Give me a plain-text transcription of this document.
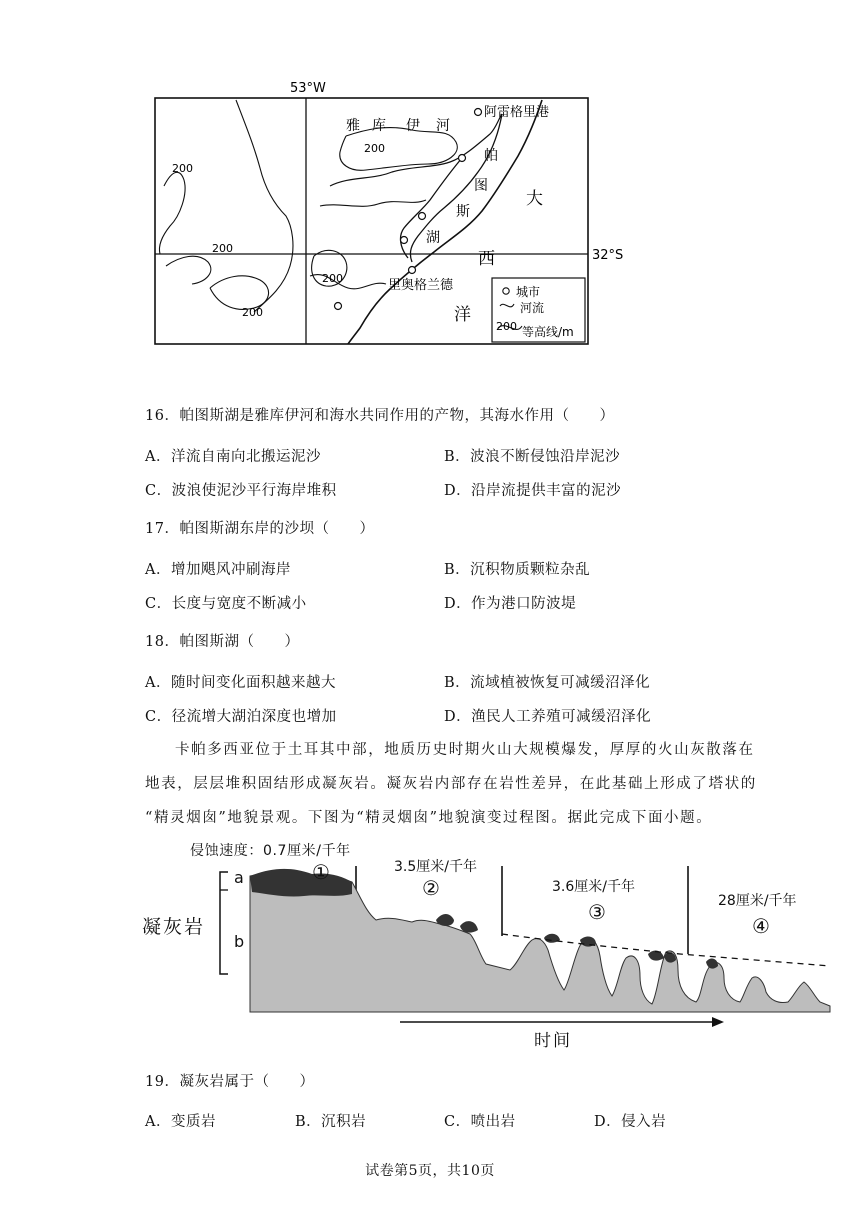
53°W
32°S
200
200
200
200
200
雅 库 伊 河
阿雷格里港
帕
图
斯
湖
里奥格兰德
大
西
洋
城市
河流
200 等高线/m
16．帕图斯湖是雅库伊河和海水共同作用的产物，其海水作用（　　）
A．洋流自南向北搬运泥沙	B．波浪不断侵蚀沿岸泥沙
C．波浪使泥沙平行海岸堆积	D．沿岸流提供丰富的泥沙
17．帕图斯湖东岸的沙坝（　　）
A．增加飓风冲刷海岸	B．沉积物质颗粒杂乱
C．长度与宽度不断减小	D．作为港口防波堤
18．帕图斯湖（　　）
A．随时间变化面积越来越大	B．流域植被恢复可减缓沼泽化
C．径流增大湖泊深度也增加	D．渔民人工养殖可减缓沼泽化
卡帕多西亚位于土耳其中部，地质历史时期火山大规模爆发，厚厚的火山灰散落在
地表，层层堆积固结形成凝灰岩。凝灰岩内部存在岩性差异，在此基础上形成了塔状的
“精灵烟囱”地貌景观。下图为“精灵烟囱”地貌演变过程图。据此完成下面小题。
侵蚀速度：0.7厘米/千年
①	3.5厘米/千年
②	3.6厘米/千年
③	28厘米/千年
④
凝灰岩
a
b
时间
19．凝灰岩属于（　　）
A．变质岩	B．沉积岩	C．喷出岩	D．侵入岩
试卷第5页，共10页
